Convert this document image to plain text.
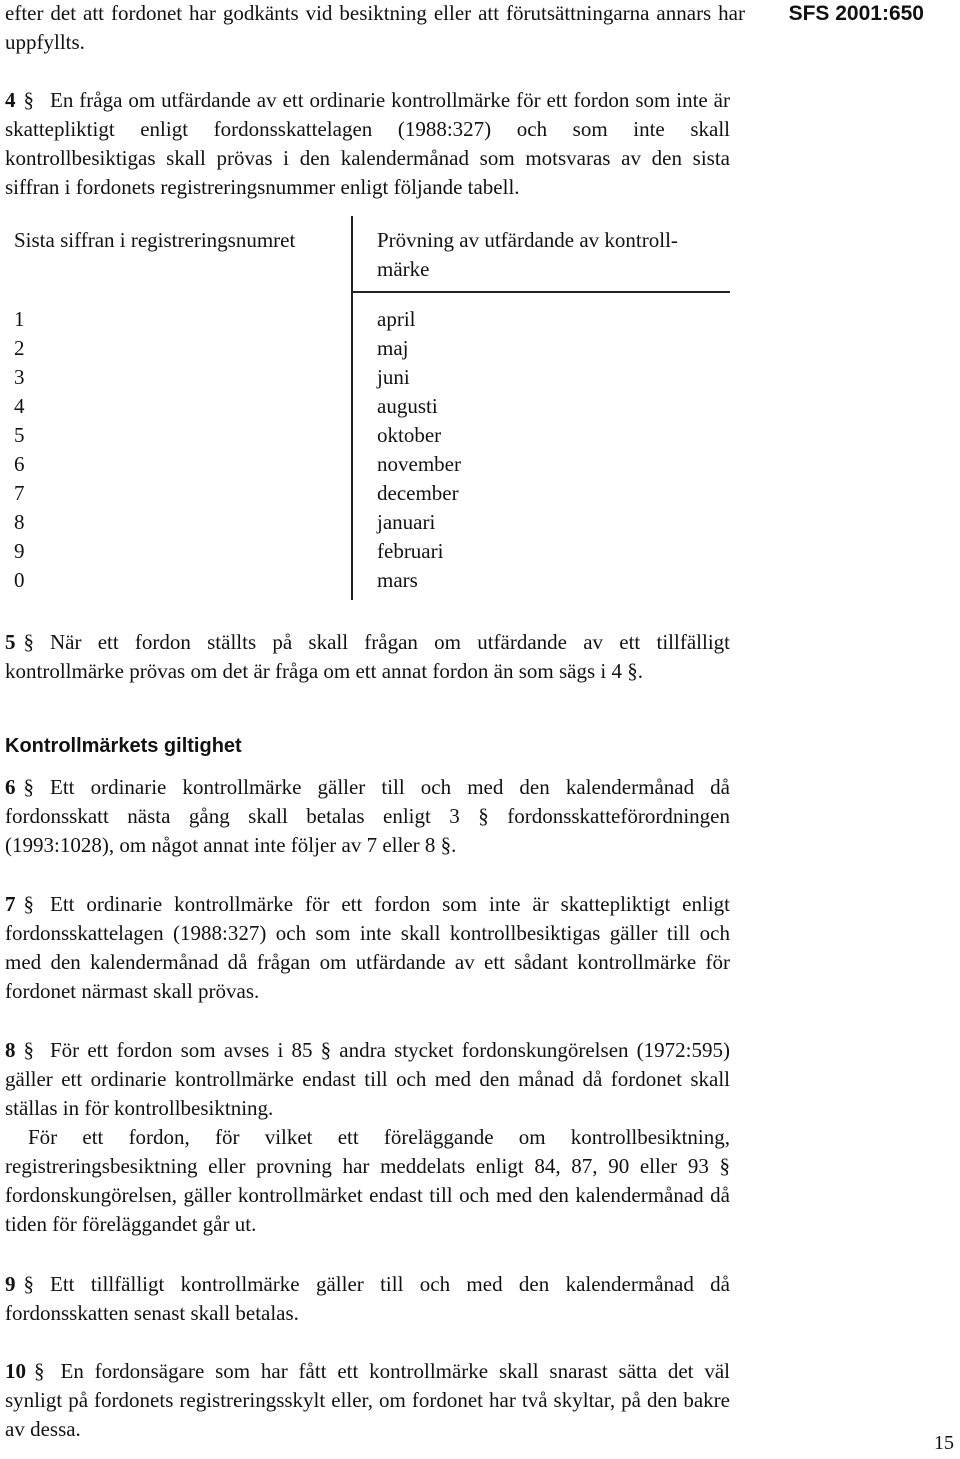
efter det att fordonet har godkänts vid besiktning eller att förutsättningarna annars har uppfyllts.
SFS 2001:650

4 § En fråga om utfärdande av ett ordinarie kontrollmärke för ett fordon som inte är skattepliktigt enligt fordonsskattelagen (1988:327) och som inte skall kontrollbesiktigas skall prövas i den kalendermånad som motsvaras av den sista siffran i fordonets registreringsnummer enligt följande tabell.

Sista siffran i registreringsnumret	Prövning av utfärdande av kontroll-
märke
1
2
3
4
5
6
7
8
9
0
april
maj
juni
augusti
oktober
november
december
januari
februari
mars

5 § När ett fordon ställts på skall frågan om utfärdande av ett tillfälligt kontrollmärke prövas om det är fråga om ett annat fordon än som sägs i 4 §.

Kontrollmärkets giltighet

6 § Ett ordinarie kontrollmärke gäller till och med den kalendermånad då fordonsskatt nästa gång skall betalas enligt 3 § fordonsskatteförordningen (1993:1028), om något annat inte följer av 7 eller 8 §.

7 § Ett ordinarie kontrollmärke för ett fordon som inte är skattepliktigt enligt fordonsskattelagen (1988:327) och som inte skall kontrollbesiktigas gäller till och med den kalendermånad då frågan om utfärdande av ett sådant kontrollmärke för fordonet närmast skall prövas.

8 § För ett fordon som avses i 85 § andra stycket fordonskungörelsen (1972:595) gäller ett ordinarie kontrollmärke endast till och med den månad då fordonet skall ställas in för kontrollbesiktning.

För ett fordon, för vilket ett föreläggande om kontrollbesiktning, registreringsbesiktning eller provning har meddelats enligt 84, 87, 90 eller 93 § fordonskungörelsen, gäller kontrollmärket endast till och med den kalendermånad då tiden för föreläggandet går ut.

9 § Ett tillfälligt kontrollmärke gäller till och med den kalendermånad då fordonsskatten senast skall betalas.

10 § En fordonsägare som har fått ett kontrollmärke skall snarast sätta det väl synligt på fordonets registreringsskylt eller, om fordonet har två skyltar, på den bakre av dessa.

15
